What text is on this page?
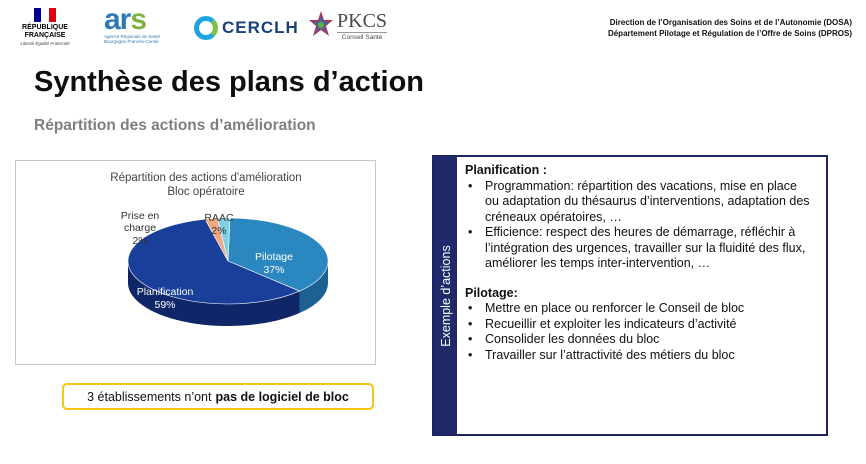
RÉPUBLIQUE
FRANÇAISE
Liberté Égalité Fraternité
ars
Agence Régionale de Santé Bourgogne-Franche-Comté
CERCLH PKCS
Conseil Santé
Direction de l’Organisation des Soins et de l’Autonomie (DOSA)
Département Pilotage et Régulation de l’Offre de Soins (DPROS)
Synthèse des plans d’action
Répartition des actions d’amélioration
Répartition des actions d'amélioration
Bloc opératoire
Pilotage
37%
Planification
59%
Prise en
charge
2%
RAAC
2%
3 établissements n’ont pas de logiciel de bloc
Exemple d’actions
Planification :
• Programmation: répartition des vacations, mise en place ou adaptation du thésaurus d’interventions, adaptation des créneaux opératoires, …
• Efficience: respect des heures de démarrage, réfléchir à l’intégration des urgences, travailler sur la fluidité des flux, améliorer les temps inter-intervention, …
Pilotage:
• Mettre en place ou renforcer le Conseil de bloc
• Recueillir et exploiter les indicateurs d’activité
• Consolider les données du bloc
• Travailler sur l’attractivité des métiers du bloc
